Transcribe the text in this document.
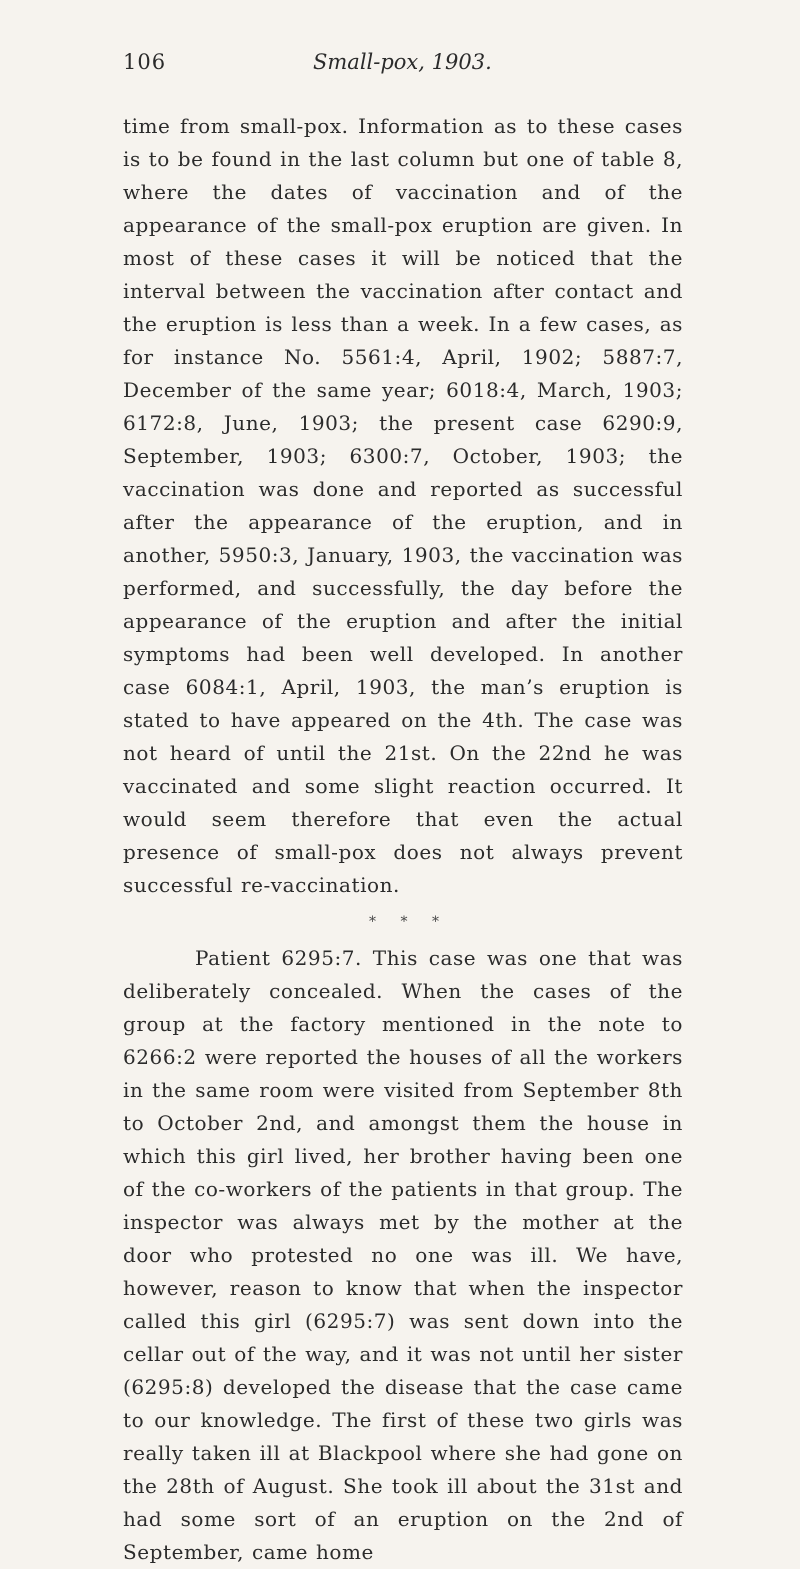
106	Small-pox, 1903.

time from small-pox. Information as to these cases is to be found in the last column but one of table 8, where the dates of vaccination and of the appearance of the small-pox eruption are given. In most of these cases it will be noticed that the interval between the vaccination after contact and the eruption is less than a week. In a few cases, as for instance No. 5561:4, April, 1902; 5887:7, December of the same year; 6018:4, March, 1903; 6172:8, June, 1903; the present case 6290:9, September, 1903; 6300:7, October, 1903; the vaccination was done and reported as successful after the appearance of the eruption, and in another, 5950:3, January, 1903, the vaccination was performed, and successfully, the day before the appearance of the eruption and after the initial symptoms had been well developed. In another case 6084:1, April, 1903, the man’s eruption is stated to have appeared on the 4th. The case was not heard of until the 21st. On the 22nd he was vaccinated and some slight reaction occurred. It would seem therefore that even the actual presence of small-pox does not always prevent successful re-vaccination.

* * *

Patient 6295:7. This case was one that was deliberately concealed. When the cases of the group at the factory mentioned in the note to 6266:2 were reported the houses of all the workers in the same room were visited from September 8th to October 2nd, and amongst them the house in which this girl lived, her brother having been one of the co-workers of the patients in that group. The inspector was always met by the mother at the door who protested no one was ill. We have, however, reason to know that when the inspector called this girl (6295:7) was sent down into the cellar out of the way, and it was not until her sister (6295:8) developed the disease that the case came to our knowledge. The first of these two girls was really taken ill at Blackpool where she had gone on the 28th of August. She took ill about the 31st and had some sort of an eruption on the 2nd of September, came home
